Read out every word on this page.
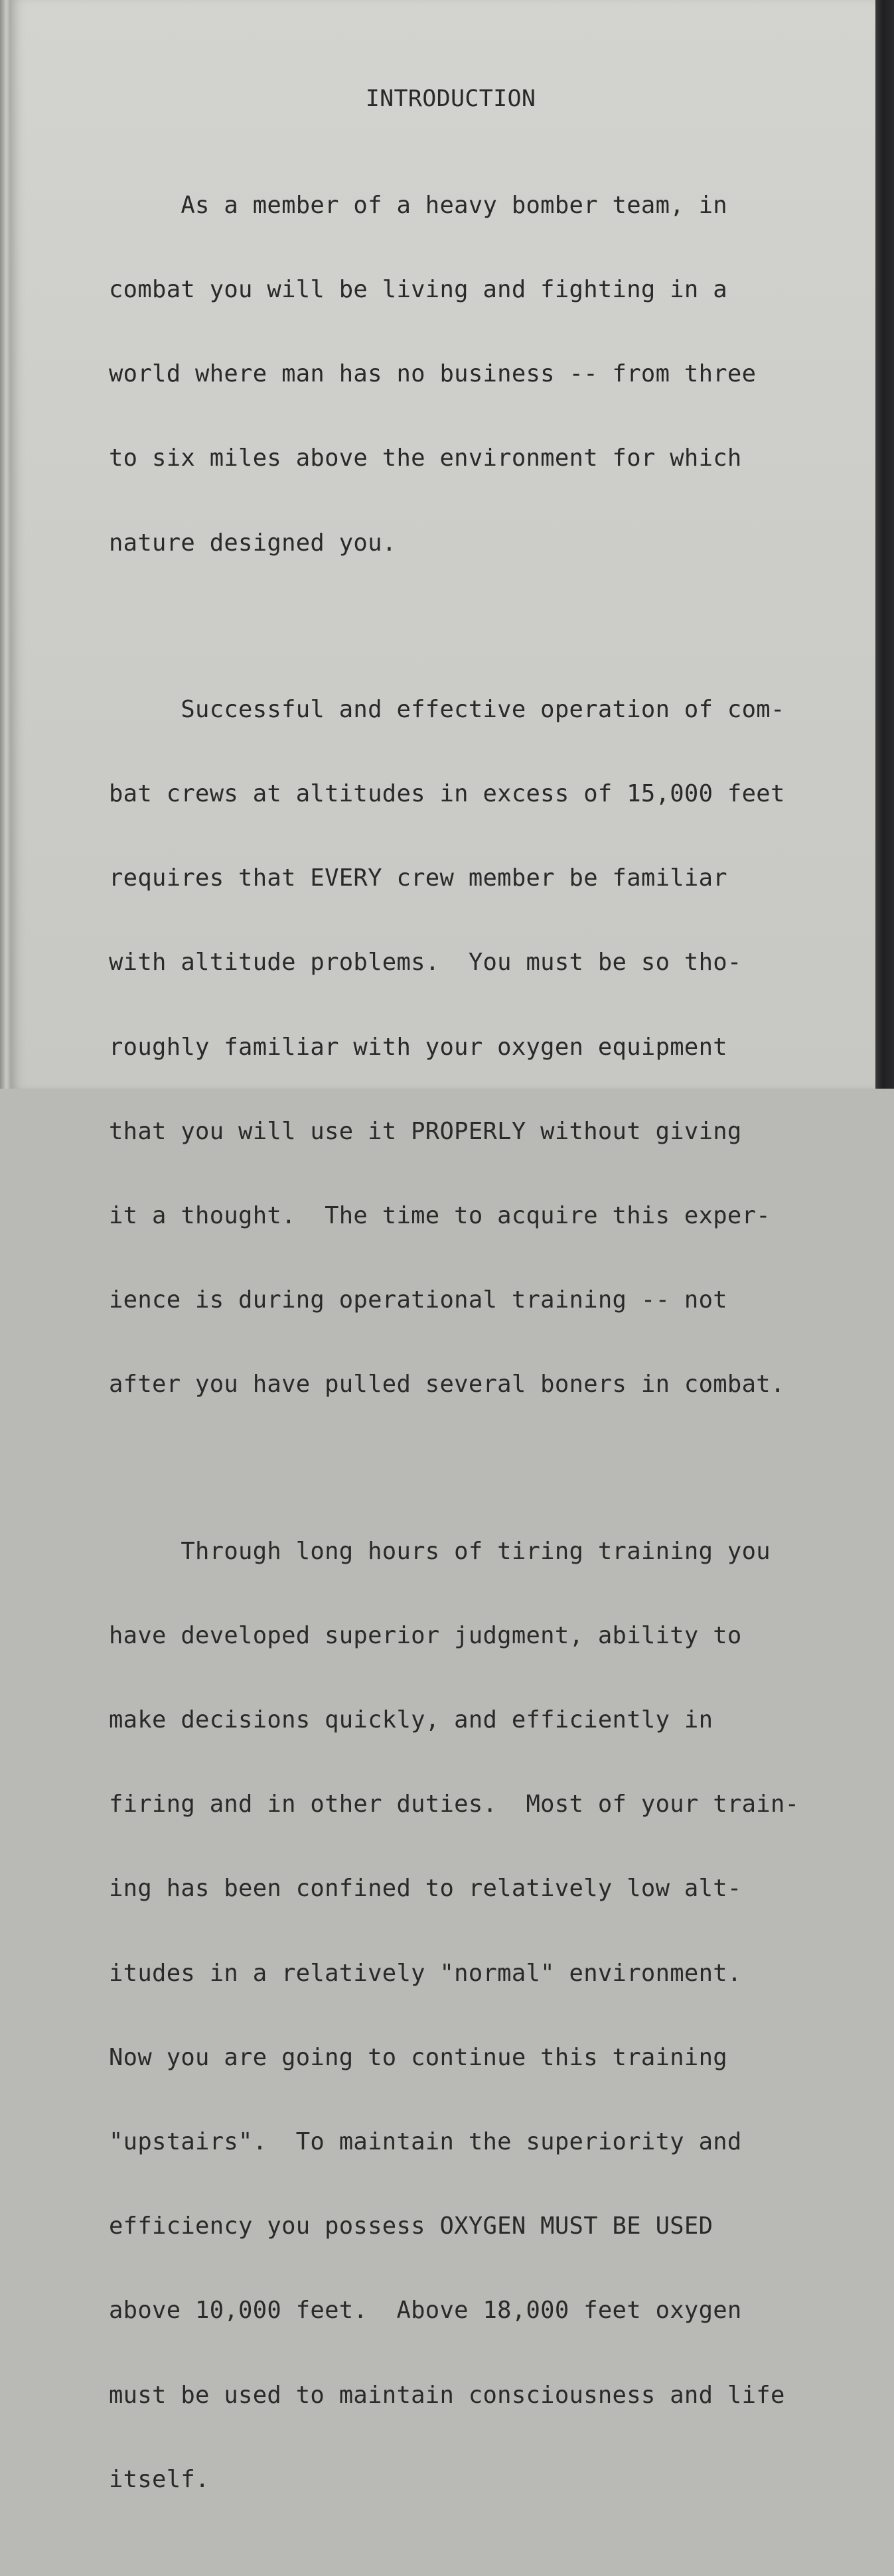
INTRODUCTION

As a member of a heavy bomber team, in

combat you will be living and fighting in a

world where man has no business -- from three

to six miles above the environment for which

nature designed you.

Successful and effective operation of com-

bat crews at altitudes in excess of 15,000 feet

requires that EVERY crew member be familiar

with altitude problems.  You must be so tho-

roughly familiar with your oxygen equipment

that you will use it PROPERLY without giving

it a thought.  The time to acquire this exper-

ience is during operational training -- not

after you have pulled several boners in combat.

Through long hours of tiring training you

have developed superior judgment, ability to

make decisions quickly, and efficiently in

firing and in other duties.  Most of your train-

ing has been confined to relatively low alt-

itudes in a relatively "normal" environment.

Now you are going to continue this training

"upstairs".  To maintain the superiority and

efficiency you possess OXYGEN MUST BE USED

above 10,000 feet.  Above 18,000 feet oxygen

must be used to maintain consciousness and life

itself.
